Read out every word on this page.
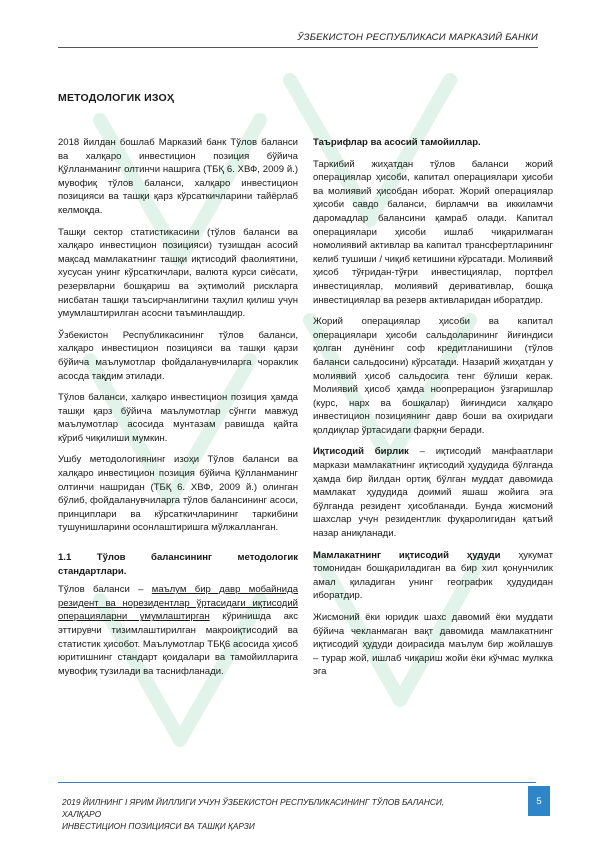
ЎЗБЕКИСТОН РЕСПУБЛИКАСИ МАРКАЗИЙ БАНКИ
МЕТОДОЛОГИК ИЗОҲ

2018 йилдан бошлаб Марказий банк Тўлов баланси ва халқаро инвестицион позиция бўйича Қўлланманинг олтинчи нашрига (ТБҚ 6. ХВФ, 2009 й.) мувофиқ тўлов баланси, халқаро инвестицион позицияси ва ташқи қарз кўрсаткичларини тайёрлаб келмоқда.

Ташқи сектор статистикасини (тўлов баланси ва халқаро инвестицион позицияси) тузишдан асосий мақсад мамлакатнинг ташқи иқтисодий фаолиятини, хусусан унинг кўрсаткичлари, валюта курси сиёсати, резервларни бошқариш ва эҳтимолий рискларга нисбатан ташқи таъсирчанлигини таҳлил қилиш учун умумлаштирилган асосни таъминлашдир.

Ўзбекистон Республикасининг тўлов баланси, халқаро инвестицион позицияси ва ташқи қарзи бўйича маълумотлар фойдаланувчиларга чораклик асосда тақдим этилади.

Тўлов баланси, халқаро инвестицион позиция ҳамда ташқи қарз бўйича маълумотлар сўнгги мавжуд маълумотлар асосида мунтазам равишда қайта кўриб чиқилиши мумкин.

Ушбу методологиянинг изоҳи Тўлов баланси ва халқаро инвестицион позиция бўйича Қўлланманинг олтинчи нашридан (ТБҚ 6. ХВФ, 2009 й.) олинган бўлиб, фойдаланувчиларга тўлов балансининг асоси, принциплари ва кўрсаткичларининг таркибини тушунишларини осонлаштиришга мўлжалланган.

1.1 Тўлов балансининг методологик стандартлари.

Тўлов баланси – маълум бир давр мобайнида резидент ва норезидентлар ўртасидаги иқтисодий операцияларни умумлаштирган кўринишда акс эттирувчи тизимлаштирилган макроиқтисодий ва статистик ҳисобот. Маълумотлар ТБҚ6 асосида ҳисоб юритишнинг стандарт қоидалари ва тамойилларига мувофиқ тузилади ва таснифланади.

Таърифлар ва асосий тамойиллар.

Таркибий жиҳатдан тўлов баланси жорий операциялар ҳисоби, капитал операциялари ҳисоби ва молиявий ҳисобдан иборат. Жорий операциялар ҳисоби савдо баланси, бирламчи ва иккиламчи даромадлар балансини қамраб олади. Капитал операциялари ҳисоби ишлаб чиқарилмаган номолиявий активлар ва капитал трансфертларининг келиб тушиши / чиқиб кетишини кўрсатади. Молиявий ҳисоб тўғридан-тўғри инвестициялар, портфел инвестициялар, молиявий деривативлар, бошқа инвестициялар ва резерв активларидан иборатдир.

Жорий операциялар ҳисоби ва капитал операциялари ҳисоби сальдоларининг йиғиндиси қолган дунёнинг соф кредитланишини (тўлов баланси сальдосини) кўрсатади. Назарий жиҳатдан у молиявий ҳисоб сальдосига тенг бўлиши керак. Молиявий ҳисоб ҳамда ноопрерацион ўзгаришлар (курс, нарх ва бошқалар) йиғиндиси халқаро инвестицион позициянинг давр боши ва охиридаги қолдиқлар ўртасидаги фарқни беради.

Иқтисодий бирлик – иқтисодий манфаатлари маркази мамлакатнинг иқтисодий ҳудудида бўлганда ҳамда бир йилдан ортиқ бўлган муддат давомида мамлакат ҳудудида доимий яшаш жойига эга бўлганда резидент ҳисобланади. Бунда жисмоний шахслар учун резидентлик фуқаролигидан қатъий назар аниқланади.

Мамлакатнинг иқтисодий ҳудуди ҳукумат томонидан бошқариладиган ва бир хил қонунчилик амал қиладиган унинг географик ҳудудидан иборатдир.

Жисмоний ёки юридик шахс давомий ёки муддати бўйича чекланмаган вақт давомида мамлакатнинг иқтисодий ҳудуди доирасида маълум бир жойлашув – турар жой, ишлаб чиқариш жойи ёки кўчмас мулкка эга

2019 ЙИЛНИНГ I ЯРИМ ЙИЛЛИГИ УЧУН ЎЗБЕКИСТОН РЕСПУБЛИКАСИНИНГ ТЎЛОВ БАЛАНСИ, ХАЛҚАРО
ИНВЕСТИЦИОН ПОЗИЦИЯСИ ВА ТАШҚИ ҚАРЗИ
5
